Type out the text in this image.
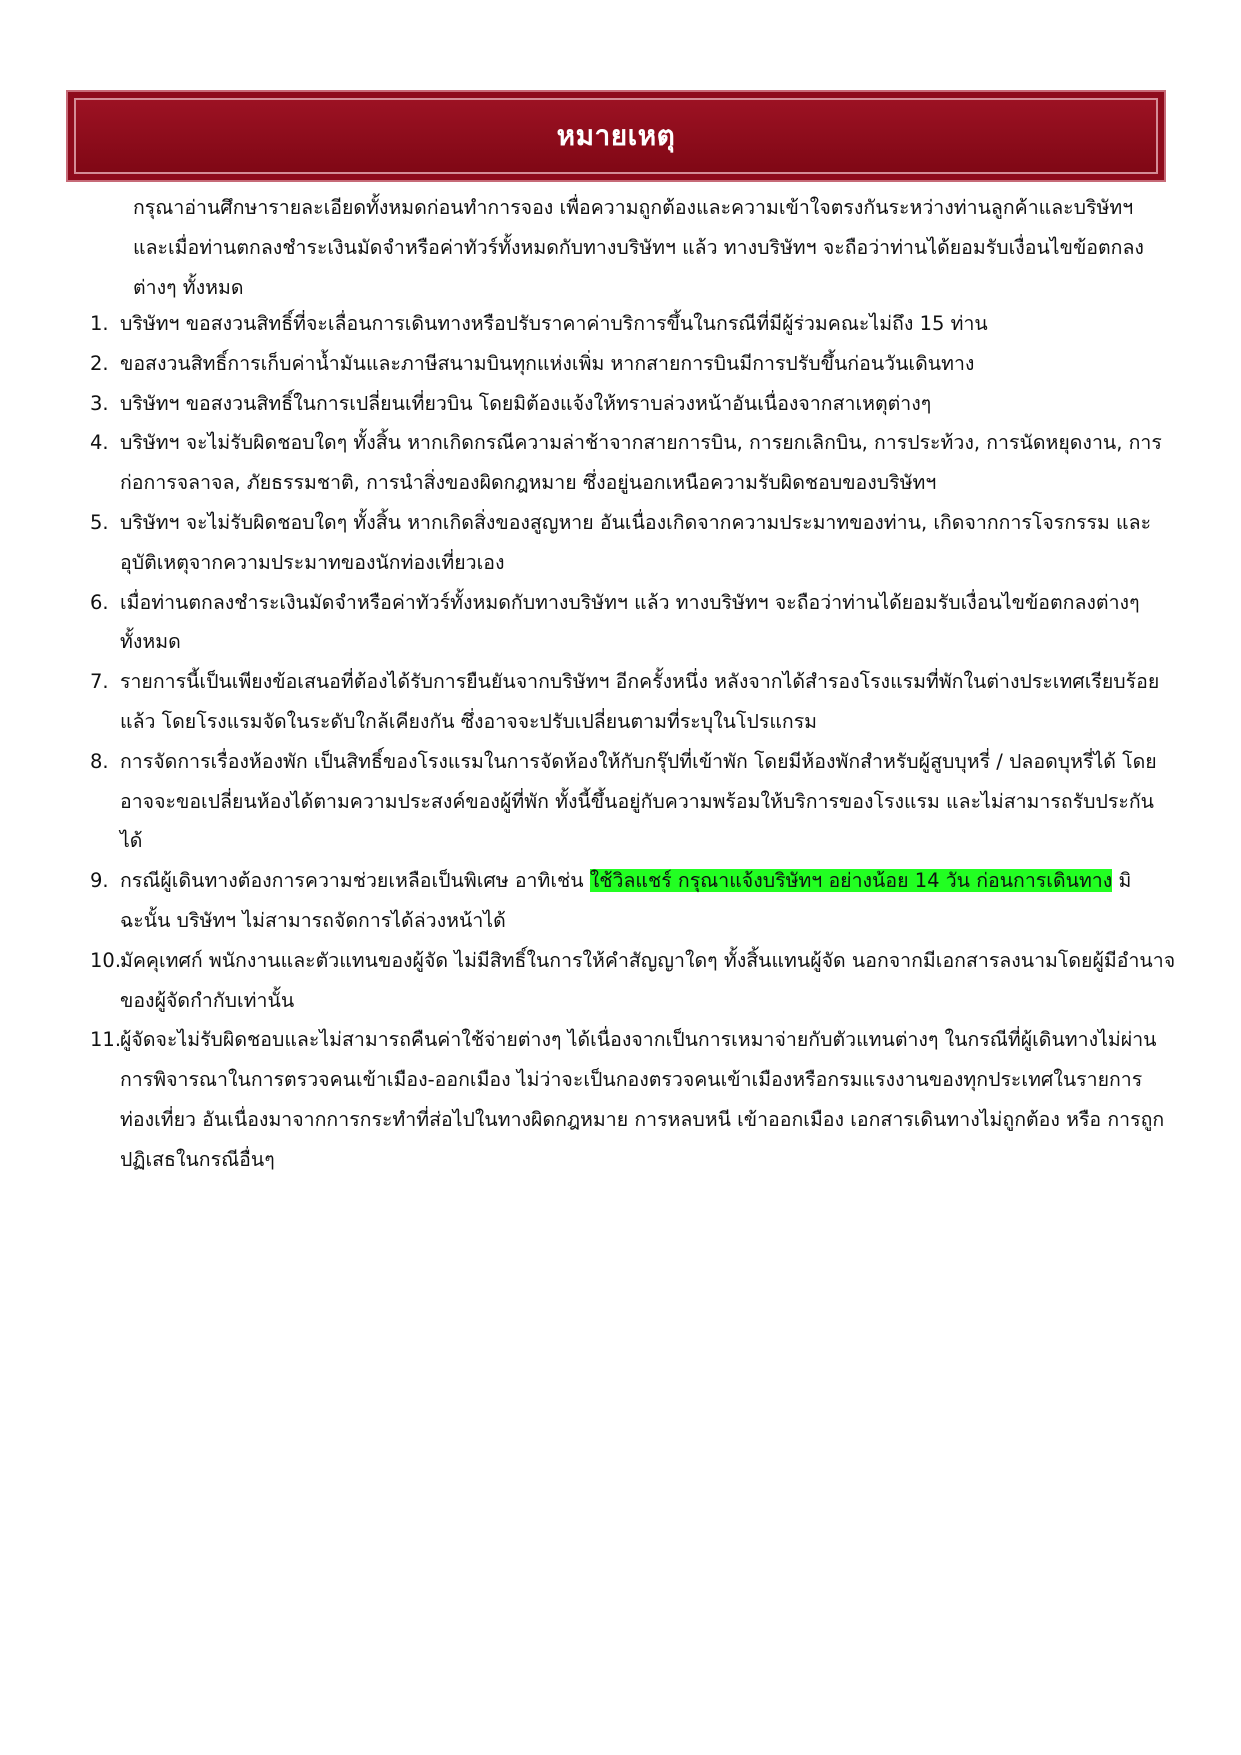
หมายเหตุ
กรุณาอ่านศึกษารายละเอียดทั้งหมดก่อนทำการจอง เพื่อความถูกต้องและความเข้าใจตรงกันระหว่างท่านลูกค้าและบริษัทฯ และเมื่อท่านตกลงชำระเงินมัดจำหรือค่าทัวร์ทั้งหมดกับทางบริษัทฯ แล้ว ทางบริษัทฯ จะถือว่าท่านได้ยอมรับเงื่อนไขข้อตกลงต่างๆ ทั้งหมด
1. บริษัทฯ ขอสงวนสิทธิ์ที่จะเลื่อนการเดินทางหรือปรับราคาค่าบริการขึ้นในกรณีที่มีผู้ร่วมคณะไม่ถึง 15 ท่าน
2. ขอสงวนสิทธิ์การเก็บค่าน้ำมันและภาษีสนามบินทุกแห่งเพิ่ม หากสายการบินมีการปรับขึ้นก่อนวันเดินทาง
3. บริษัทฯ ขอสงวนสิทธิ์ในการเปลี่ยนเที่ยวบิน โดยมิต้องแจ้งให้ทราบล่วงหน้าอันเนื่องจากสาเหตุต่างๆ
4. บริษัทฯ จะไม่รับผิดชอบใดๆ ทั้งสิ้น หากเกิดกรณีความล่าช้าจากสายการบิน, การยกเลิกบิน, การประท้วง, การนัดหยุดงาน, การก่อการจลาจล, ภัยธรรมชาติ, การนำสิ่งของผิดกฎหมาย ซึ่งอยู่นอกเหนือความรับผิดชอบของบริษัทฯ
5. บริษัทฯ จะไม่รับผิดชอบใดๆ ทั้งสิ้น หากเกิดสิ่งของสูญหาย อันเนื่องเกิดจากความประมาทของท่าน, เกิดจากการโจรกรรม และ อุบัติเหตุจากความประมาทของนักท่องเที่ยวเอง
6. เมื่อท่านตกลงชำระเงินมัดจำหรือค่าทัวร์ทั้งหมดกับทางบริษัทฯ แล้ว ทางบริษัทฯ จะถือว่าท่านได้ยอมรับเงื่อนไขข้อตกลงต่างๆ ทั้งหมด
7. รายการนี้เป็นเพียงข้อเสนอที่ต้องได้รับการยืนยันจากบริษัทฯ อีกครั้งหนึ่ง หลังจากได้สำรองโรงแรมที่พักในต่างประเทศเรียบร้อยแล้ว โดยโรงแรมจัดในระดับใกล้เคียงกัน ซึ่งอาจจะปรับเปลี่ยนตามที่ระบุในโปรแกรม
8. การจัดการเรื่องห้องพัก เป็นสิทธิ์ของโรงแรมในการจัดห้องให้กับกรุ๊ปที่เข้าพัก โดยมีห้องพักสำหรับผู้สูบบุหรี่ / ปลอดบุหรี่ได้ โดยอาจจะขอเปลี่ยนห้องได้ตามความประสงค์ของผู้ที่พัก ทั้งนี้ขึ้นอยู่กับความพร้อมให้บริการของโรงแรม และไม่สามารถรับประกันได้
9. กรณีผู้เดินทางต้องการความช่วยเหลือเป็นพิเศษ อาทิเช่น ใช้วิลแชร์ กรุณาแจ้งบริษัทฯ อย่างน้อย 14 วัน ก่อนการเดินทาง มิฉะนั้น บริษัทฯ ไม่สามารถจัดการได้ล่วงหน้าได้
10.
มัคคุเทศก์ พนักงานและตัวแทนของผู้จัด ไม่มีสิทธิ์ในการให้คำสัญญาใดๆ ทั้งสิ้นแทนผู้จัด นอกจากมีเอกสารลงนามโดยผู้มีอำนาจของผู้จัดกำกับเท่านั้น
11.
ผู้จัดจะไม่รับผิดชอบและไม่สามารถคืนค่าใช้จ่ายต่างๆ ได้เนื่องจากเป็นการเหมาจ่ายกับตัวแทนต่างๆ ในกรณีที่ผู้เดินทางไม่ผ่านการพิจารณาในการตรวจคนเข้าเมือง-ออกเมือง ไม่ว่าจะเป็นกองตรวจคนเข้าเมืองหรือกรมแรงงานของทุกประเทศในรายการท่องเที่ยว อันเนื่องมาจากการกระทำที่ส่อไปในทางผิดกฎหมาย การหลบหนี เข้าออกเมือง เอกสารเดินทางไม่ถูกต้อง หรือ การถูกปฏิเสธในกรณีอื่นๆ
